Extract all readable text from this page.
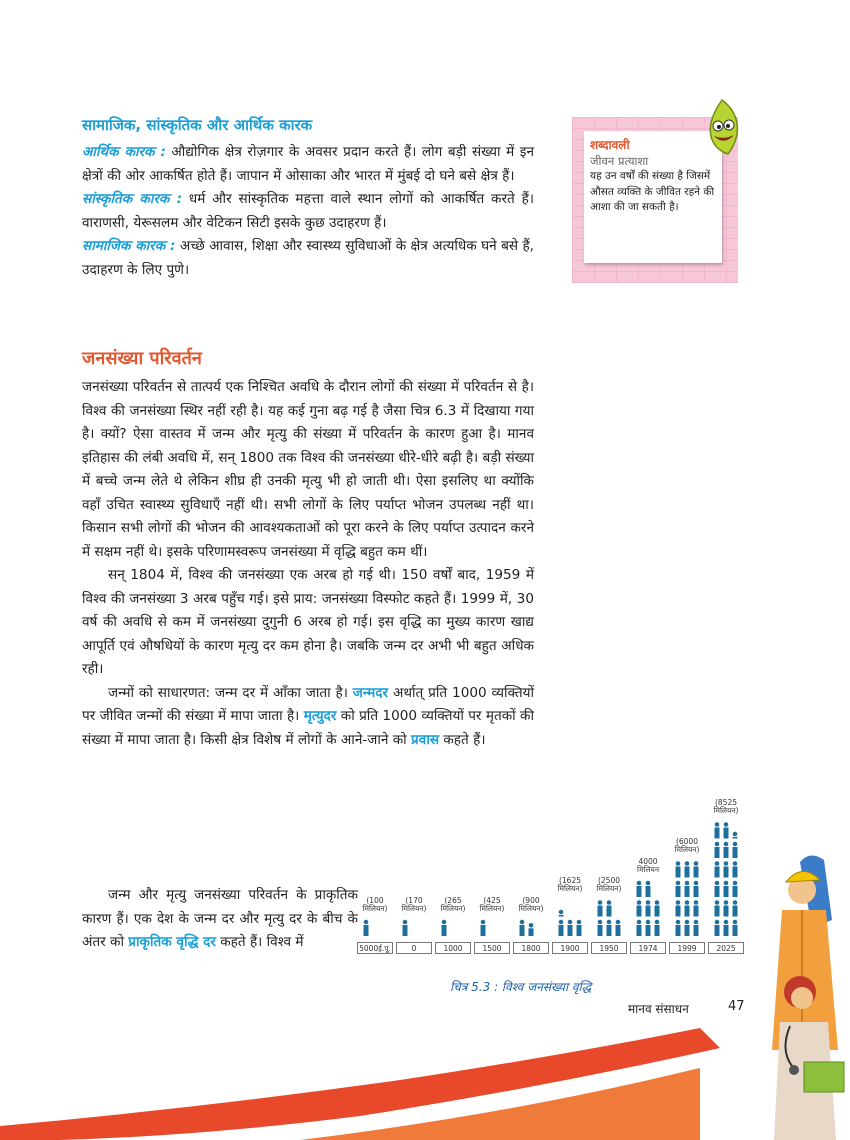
सामाजिक, सांस्कृतिक और आर्थिक कारक

आर्थिक कारक : औद्योगिक क्षेत्र रोज़गार के अवसर प्रदान करते हैं। लोग बड़ी संख्या में इन क्षेत्रों की ओर आकर्षित होते हैं। जापान में ओसाका और भारत में मुंबई दो घने बसे क्षेत्र हैं।

सांस्कृतिक कारक : धर्म और सांस्कृतिक महत्ता वाले स्थान लोगों को आकर्षित करते हैं। वाराणसी, येरूसलम और वेटिकन सिटी इसके कुछ उदाहरण हैं।

सामाजिक कारक : अच्छे आवास, शिक्षा और स्वास्थ्य सुविधाओं के क्षेत्र अत्यधिक घने बसे हैं, उदाहरण के लिए पुणे।

शब्दावली
जीवन प्रत्याशा
यह उन वर्षों की संख्या है जिसमें औसत व्यक्ति के जीवित रहने की आशा की जा सकती है।
जनसंख्या परिवर्तन

जनसंख्या परिवर्तन से तात्पर्य एक निश्चित अवधि के दौरान लोगों की संख्या में परिवर्तन से है। विश्व की जनसंख्या स्थिर नहीं रही है। यह कई गुना बढ़ गई है जैसा चित्र 6.3 में दिखाया गया है। क्यों? ऐसा वास्तव में जन्म और मृत्यु की संख्या में परिवर्तन के कारण हुआ है। मानव इतिहास की लंबी अवधि में, सन् 1800 तक विश्व की जनसंख्या धीरे-धीरे बढ़ी है। बड़ी संख्या में बच्चे जन्म लेते थे लेकिन शीघ्र ही उनकी मृत्यु भी हो जाती थी। ऐसा इसलिए था क्योंकि वहाँ उचित स्वास्थ्य सुविधाएँ नहीं थी। सभी लोगों के लिए पर्याप्त भोजन उपलब्ध नहीं था। किसान सभी लोगों की भोजन की आवश्यकताओं को पूरा करने के लिए पर्याप्त उत्पादन करने में सक्षम नहीं थे। इसके परिणामस्वरूप जनसंख्या में वृद्धि बहुत कम थीं।

सन् 1804 में, विश्व की जनसंख्या एक अरब हो गई थी। 150 वर्षों बाद, 1959 में विश्व की जनसंख्या 3 अरब पहुँच गई। इसे प्राय: जनसंख्या विस्फोट कहते हैं। 1999 में, 30 वर्ष की अवधि से कम में जनसंख्या दुगुनी 6 अरब हो गई। इस वृद्धि का मुख्य कारण खाद्य आपूर्ति एवं औषधियों के कारण मृत्यु दर कम होना है। जबकि जन्म दर अभी भी बहुत अधिक रही।

जन्मों को साधारणत: जन्म दर में आँका जाता है। जन्मदर अर्थात् प्रति 1000 व्यक्तियों पर जीवित जन्मों की संख्या में मापा जाता है। मृत्युदर को प्रति 1000 व्यक्तियों पर मृतकों की संख्या में मापा जाता है। किसी क्षेत्र विशेष में लोगों के आने-जाने को प्रवास कहते हैं।

जन्म और मृत्यु जनसंख्या परिवर्तन के प्राकृतिक कारण हैं। एक देश के जन्म दर और मृत्यु दर के बीच के अंतर को प्राकृतिक वृद्धि दर कहते हैं। विश्व में

(100 मिलियन)
(170 मिलियन)
(265 मिलियन)
(425 मिलियन)
(900 मिलियन)
(1625 मिलियन)
(2500 मिलियन)
4000 मिलियन
(6000 मिलियन)
(8525 मिलियन)
5000ई.पू.	0	1000	1500	1800	1900	1950	1974	1999	2025
चित्र 5.3 : विश्व जनसंख्या वृद्धि
मानव संसाधन	47
